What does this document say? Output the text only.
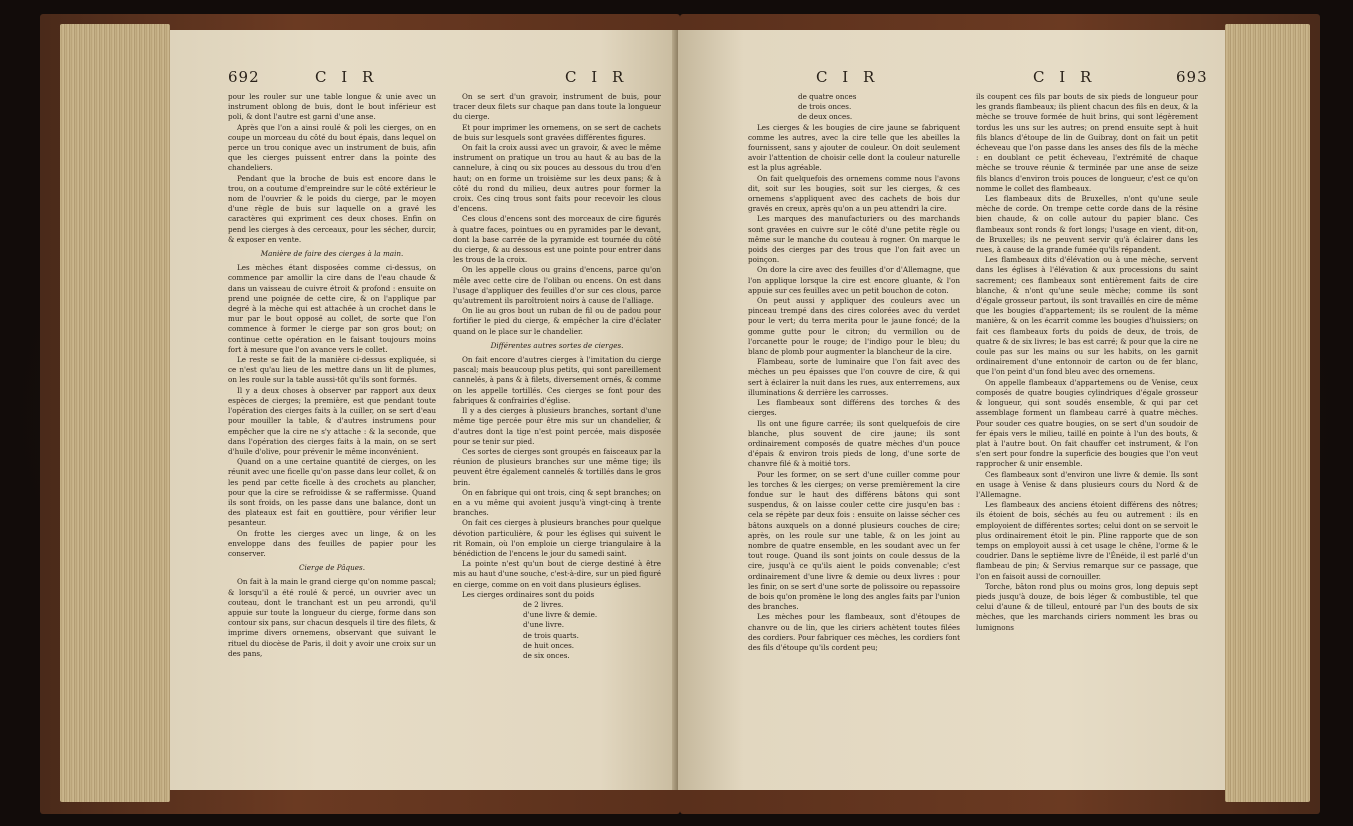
692	C I R	C I R

pour les rouler sur une table longue & unie avec un instrument oblong de buis, dont le bout inférieur est poli, & dont l'autre est garni d'une anse.

Après que l'on a ainsi roulé & poli les cierges, on en coupe un morceau du côté du bout épais, dans lequel on perce un trou conique avec un instrument de buis, afin que les cierges puissent entrer dans la pointe des chandeliers.

Pendant que la broche de buis est encore dans le trou, on a coutume d'empreindre sur le côté extérieur le nom de l'ouvrier & le poids du cierge, par le moyen d'une règle de buis sur laquelle on a gravé les caractères qui expriment ces deux choses. Enfin on pend les cierges à des cerceaux, pour les sécher, durcir, & exposer en vente.

Manière de faire des cierges à la main.

Les mèches étant disposées comme ci-dessus, on commence par amollir la cire dans de l'eau chaude & dans un vaisseau de cuivre étroit & profond : ensuite on prend une poignée de cette cire, & on l'applique par degré à la mèche qui est attachée à un crochet dans le mur par le bout opposé au collet, de sorte que l'on commence à former le cierge par son gros bout; on continue cette opération en le faisant toujours moins fort à mesure que l'on avance vers le collet.

Le reste se fait de la manière ci-dessus expliquée, si ce n'est qu'au lieu de les mettre dans un lit de plumes, on les roule sur la table aussi-tôt qu'ils sont formés.

Il y a deux choses à observer par rapport aux deux espèces de cierges; la première, est que pendant toute l'opération des cierges faits à la cuiller, on se sert d'eau pour mouiller la table, & d'autres instrumens pour empêcher que la cire ne s'y attache : & la seconde, que dans l'opération des cierges faits à la main, on se sert d'huile d'olive, pour prévenir le même inconvénient.

Quand on a une certaine quantité de cierges, on les réunit avec une ficelle qu'on passe dans leur collet, & on les pend par cette ficelle à des crochets au plancher, pour que la cire se refroidisse & se raffermisse. Quand ils sont froids, on les passe dans une balance, dont un des plateaux est fait en gouttière, pour vérifier leur pesanteur.

On frotte les cierges avec un linge, & on les enveloppe dans des feuilles de papier pour les conserver.

Cierge de Pâques.

On fait à la main le grand cierge qu'on nomme pascal; & lorsqu'il a été roulé & percé, un ouvrier avec un couteau, dont le tranchant est un peu arrondi, qu'il appuie sur toute la longueur du cierge, forme dans son contour six pans, sur chacun desquels il tire des filets, & imprime divers ornemens, observant que suivant le rituel du diocèse de Paris, il doit y avoir une croix sur un des pans,

On se sert d'un gravoir, instrument de buis, pour tracer deux filets sur chaque pan dans toute la longueur du cierge.

Et pour imprimer les ornemens, on se sert de cachets de buis sur lesquels sont gravées différentes figures.

On fait la croix aussi avec un gravoir, & avec le même instrument on pratique un trou au haut & au bas de la cannelure, à cinq ou six pouces au dessous du trou d'en haut; on en forme un troisième sur les deux pans; & à côté du rond du milieu, deux autres pour former la croix. Ces cinq trous sont faits pour recevoir les clous d'encens.

Ces clous d'encens sont des morceaux de cire figurés à quatre faces, pointues ou en pyramides par le devant, dont la base carrée de la pyramide est tournée du côté du cierge, & au dessous est une pointe pour entrer dans les trous de la croix.

On les appelle clous ou grains d'encens, parce qu'on mêle avec cette cire de l'oliban ou encens. On est dans l'usage d'appliquer des feuilles d'or sur ces clous, parce qu'autrement ils paroîtroient noirs à cause de l'alliage.

On lie au gros bout un ruban de fil ou de padou pour fortifier le pied du cierge, & empêcher la cire d'éclater quand on le place sur le chandelier.

Différentes autres sortes de cierges.

On fait encore d'autres cierges à l'imitation du cierge pascal; mais beaucoup plus petits, qui sont pareillement cannelés, à pans & à filets, diversement ornés, & comme on les appelle tortillés. Ces cierges se font pour des fabriques & confrairies d'église.

Il y a des cierges à plusieurs branches, sortant d'une même tige percée pour être mis sur un chandelier, & d'autres dont la tige n'est point percée, mais disposée pour se tenir sur pied.

Ces sortes de cierges sont groupés en faisceaux par la réunion de plusieurs branches sur une même tige; ils peuvent être également cannelés & tortillés dans le gros brin.

On en fabrique qui ont trois, cinq & sept branches; on en a vu même qui avoient jusqu'à vingt-cinq à trente branches.

On fait ces cierges à plusieurs branches pour quelque dévotion particulière, & pour les églises qui suivent le rit Romain, où l'on emploie un cierge triangulaire à la bénédiction de l'encens le jour du samedi saint.

La pointe n'est qu'un bout de cierge destiné à être mis au haut d'une souche, c'est-à-dire, sur un pied figuré en cierge, comme on en voit dans plusieurs églises.

Les cierges ordinaires sont du poids

de 2 livres.

d'une livre & demie.

d'une livre.

de trois quarts.

de huit onces.

de six onces.

C I R	C I R	693

de quatre onces

de trois onces.

de deux onces.

Les cierges & les bougies de cire jaune se fabriquent comme les autres, avec la cire telle que les abeilles la fournissent, sans y ajouter de couleur. On doit seulement avoir l'attention de choisir celle dont la couleur naturelle est la plus agréable.

On fait quelquefois des ornemens comme nous l'avons dit, soit sur les bougies, soit sur les cierges, & ces ornemens s'appliquent avec des cachets de bois dur gravés en creux, après qu'on a un peu attendri la cire.

Les marques des manufacturiers ou des marchands sont gravées en cuivre sur le côté d'une petite règle ou même sur le manche du couteau à rogner. On marque le poids des cierges par des trous que l'on fait avec un poinçon.

On dore la cire avec des feuilles d'or d'Allemagne, que l'on applique lorsque la cire est encore gluante, & l'on appuie sur ces feuilles avec un petit bouchon de coton.

On peut aussi y appliquer des couleurs avec un pinceau trempé dans des cires colorées avec du verdet pour le vert; du terra merita pour le jaune foncé; de la gomme gutte pour le citron; du vermillon ou de l'orcanette pour le rouge; de l'indigo pour le bleu; du blanc de plomb pour augmenter la blancheur de la cire.

Flambeau, sorte de luminaire que l'on fait avec des mèches un peu épaisses que l'on couvre de cire, & qui sert à éclairer la nuit dans les rues, aux enterremens, aux illuminations & derrière les carrosses.

Les flambeaux sont différens des torches & des cierges.

Ils ont une figure carrée; ils sont quelquefois de cire blanche, plus souvent de cire jaune; ils sont ordinairement composés de quatre mèches d'un pouce d'épais & environ trois pieds de long, d'une sorte de chanvre filé & à moitié tors.

Pour les former, on se sert d'une cuiller comme pour les torches & les cierges; on verse premièrement la cire fondue sur le haut des différens bâtons qui sont suspendus, & on laisse couler cette cire jusqu'en bas : cela se répète par deux fois : ensuite on laisse sécher ces bâtons auxquels on a donné plusieurs couches de cire; après, on les roule sur une table, & on les joint au nombre de quatre ensemble, en les soudant avec un fer tout rouge. Quand ils sont joints on coule dessus de la cire, jusqu'à ce qu'ils aient le poids convenable; c'est ordinairement d'une livre & demie ou deux livres : pour les finir, on se sert d'une sorte de polissoire ou repassoire de bois qu'on promène le long des angles faits par l'union des branches.

Les mèches pour les flambeaux, sont d'étoupes de chanvre ou de lin, que les ciriers achètent toutes filées des cordiers. Pour fabriquer ces mèches, les cordiers font des fils d'étoupe qu'ils cordent peu;

ils coupent ces fils par bouts de six pieds de longueur pour les grands flambeaux; ils plient chacun des fils en deux, & la mèche se trouve formée de huit brins, qui sont légèrement tordus les uns sur les autres; on prend ensuite sept à huit fils blancs d'étoupe de lin de Guibray, dont on fait un petit écheveau que l'on passe dans les anses des fils de la mèche : en doublant ce petit écheveau, l'extrémité de chaque mèche se trouve réunie & terminée par une anse de seize fils blancs d'environ trois pouces de longueur, c'est ce qu'on nomme le collet des flambeaux.

Les flambeaux dits de Bruxelles, n'ont qu'une seule mèche de corde. On trempe cette corde dans de la résine bien chaude, & on colle autour du papier blanc. Ces flambeaux sont ronds & fort longs; l'usage en vient, dit-on, de Bruxelles; ils ne peuvent servir qu'à éclairer dans les rues, à cause de la grande fumée qu'ils répandent.

Les flambeaux dits d'élévation ou à une mèche, servent dans les églises à l'élévation & aux processions du saint sacrement; ces flambeaux sont entièrement faits de cire blanche, & n'ont qu'une seule mèche; comme ils sont d'égale grosseur partout, ils sont travaillés en cire de même que les bougies d'appartement; ils se roulent de la même manière, & on les écarrit comme les bougies d'huissiers; on fait ces flambeaux forts du poids de deux, de trois, de quatre & de six livres; le bas est carré; & pour que la cire ne coule pas sur les mains ou sur les habits, on les garnit ordinairement d'une entonnoir de carton ou de fer blanc, que l'on peint d'un fond bleu avec des ornemens.

On appelle flambeaux d'appartemens ou de Venise, ceux composés de quatre bougies cylindriques d'égale grosseur & longueur, qui sont soudés ensemble, & qui par cet assemblage forment un flambeau carré à quatre mèches. Pour souder ces quatre bougies, on se sert d'un soudoir de fer épais vers le milieu, taillé en pointe à l'un des bouts, & plat à l'autre bout. On fait chauffer cet instrument, & l'on s'en sert pour fondre la superficie des bougies que l'on veut rapprocher & unir ensemble.

Ces flambeaux sont d'environ une livre & demie. Ils sont en usage à Venise & dans plusieurs cours du Nord & de l'Allemagne.

Les flambeaux des anciens étoient différens des nôtres; ils étoient de bois, séchés au feu ou autrement : ils en employoient de différentes sortes; celui dont on se servoit le plus ordinairement étoit le pin. Pline rapporte que de son temps on employoit aussi à cet usage le chêne, l'orme & le coudrier. Dans le septième livre de l'Énéide, il est parlé d'un flambeau de pin; & Servius remarque sur ce passage, que l'on en faisoit aussi de cornouiller.

Torche, bâton rond plus ou moins gros, long depuis sept pieds jusqu'à douze, de bois léger & combustible, tel que celui d'aune & de tilleul, entouré par l'un des bouts de six mèches, que les marchands ciriers nomment les bras ou lumignons
